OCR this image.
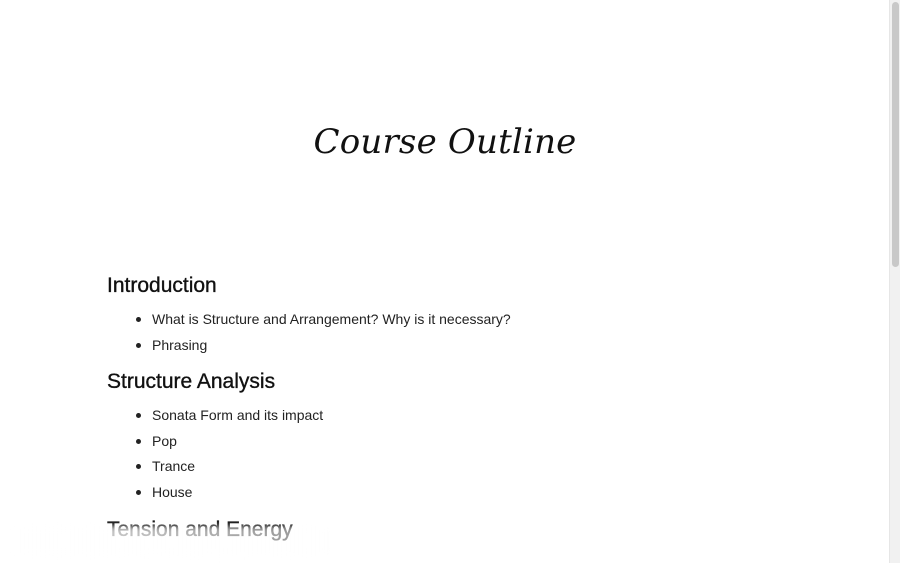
Course Outline
Introduction
What is Structure and Arrangement? Why is it necessary?
Phrasing
Structure Analysis
Sonata Form and its impact
Pop
Trance
House
